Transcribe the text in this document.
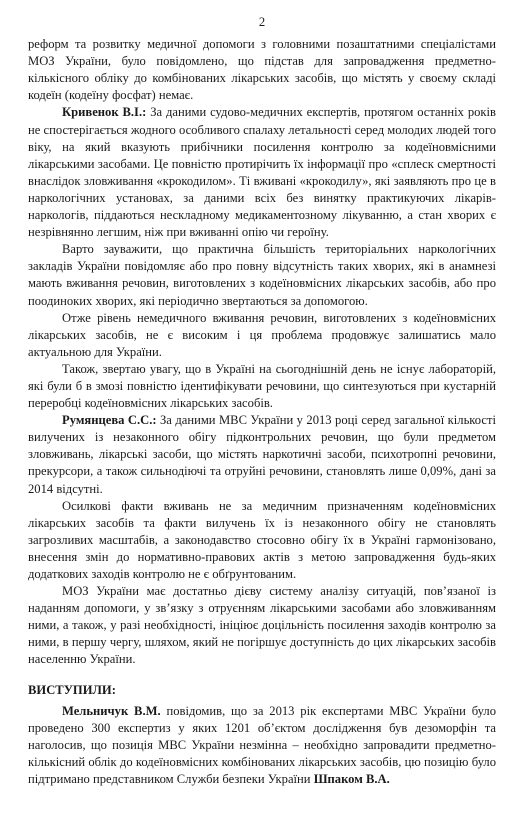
2

реформ та розвитку медичної допомоги з головними позаштатними спеціалістами МОЗ України, було повідомлено, що підстав для запровадження предметно-кількісного обліку до комбінованих лікарських засобів, що містять у своєму складі кодеїн (кодеїну фосфат) немає.

Кривенок В.І.: За даними судово-медичних експертів, протягом останніх років не спостерігається жодного особливого спалаху летальності серед молодих людей того віку, на який вказують прибічники посилення контролю за кодеїновмісними лікарськими засобами. Це повністю протирічить їх інформації про «сплеск смертності внаслідок зловживання «крокодилом». Ті вживані «крокодилу», які заявляють про це в наркологічних установах, за даними всіх без винятку практикуючих лікарів-наркологів, піддаються нескладному медикаментозному лікуванню, а стан хворих є незрівнянно легшим, ніж при вживанні опію чи героїну.

Варто зауважити, що практична більшість територіальних наркологічних закладів України повідомляє або про повну відсутність таких хворих, які в анамнезі мають вживання речовин, виготовлених з кодеїновмісних лікарських засобів, або про поодиноких хворих, які періодично звертаються за допомогою.

Отже рівень немедичного вживання речовин, виготовлених з кодеїновмісних лікарських засобів, не є високим і ця проблема продовжує залишатись мало актуальною для України.

Також, звертаю увагу, що в Україні на сьогоднішній день не існує лабораторій, які були б в змозі повністю ідентифікувати речовини, що синтезуються при кустарній переробці кодеїновмісних лікарських засобів.

Румянцева С.С.: За даними МВС України у 2013 році серед загальної кількості вилучених із незаконного обігу підконтрольних речовин, що були предметом зловживань, лікарські засоби, що містять наркотичні засоби, психотропні речовини, прекурсори, а також сильнодіючі та отруйні речовини, становлять лише 0,09%, дані за 2014 відсутні.

Осилкові факти вживань не за медичним призначенням кодеїновмісних лікарських засобів та факти вилучень їх із незаконного обігу не становлять загрозливих масштабів, а законодавство стосовно обігу їх в Україні гармонізовано, внесення змін до нормативно-правових актів з метою запровадження будь-яких додаткових заходів контролю не є обґрунтованим.

МОЗ України має достатньо дієву систему аналізу ситуацій, пов’язаної із наданням допомоги, у зв’язку з отруєнням лікарськими засобами або зловживанням ними, а також, у разі необхідності, ініціює доцільність посилення заходів контролю за ними, в першу чергу, шляхом, який не погіршує доступність до цих лікарських засобів населенню України.

ВИСТУПИЛИ:

Мельничук В.М. повідомив, що за 2013 рік експертами МВС України було проведено 300 експертиз у яких 1201 об’єктом дослідження був дезоморфін та наголосив, що позиція МВС України незмінна – необхідно запровадити предметно-кількісний облік до кодеїновмісних комбінованих лікарських засобів, цю позицію було підтримано представником Служби безпеки України Шпаком В.А.
